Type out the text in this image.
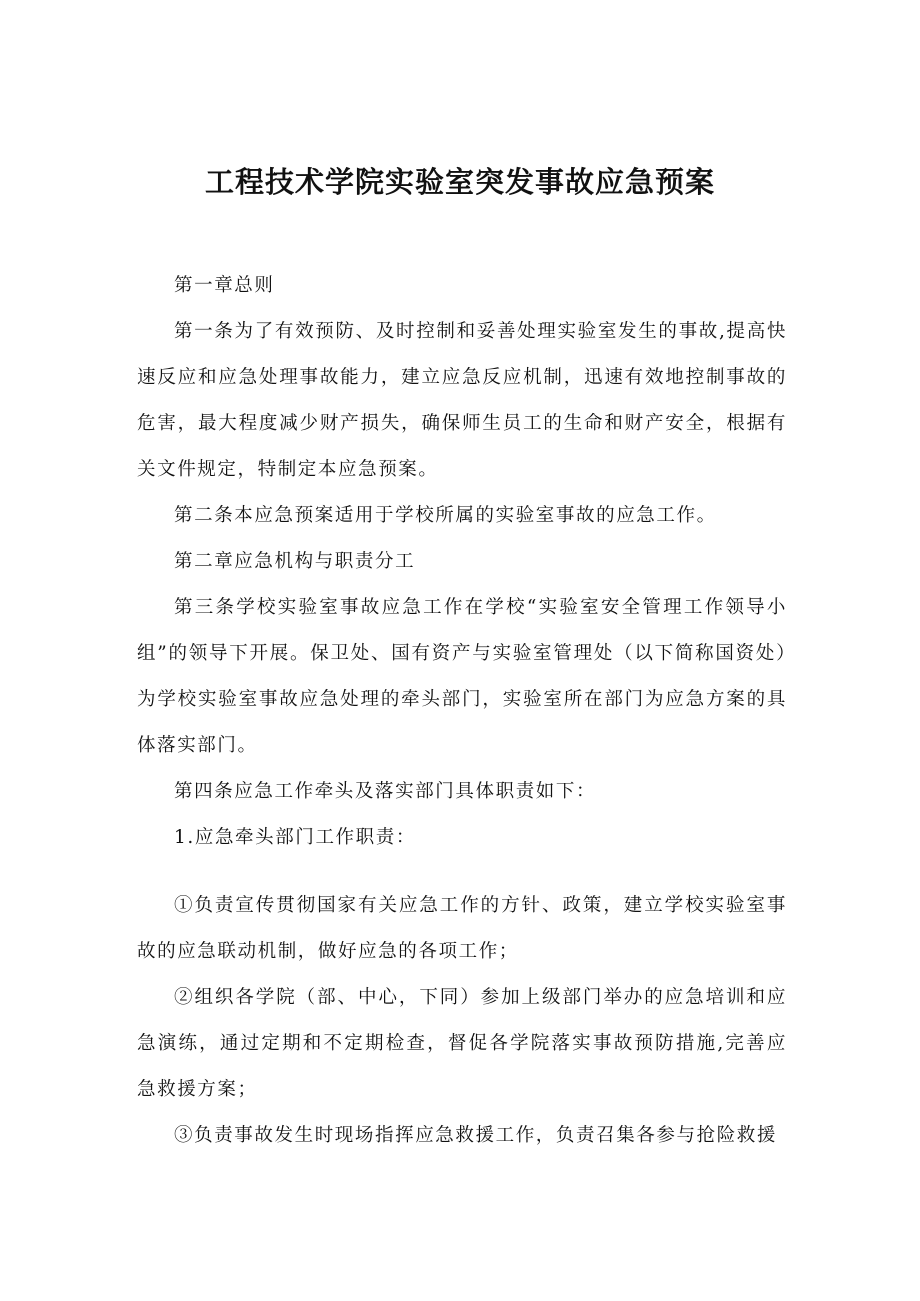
工程技术学院实验室突发事故应急预案

第一章总则

第一条为了有效预防、及时控制和妥善处理实验室发生的事故,提高快速反应和应急处理事故能力，建立应急反应机制，迅速有效地控制事故的危害，最大程度减少财产损失，确保师生员工的生命和财产安全，根据有关文件规定，特制定本应急预案。

第二条本应急预案适用于学校所属的实验室事故的应急工作。

第二章应急机构与职责分工

第三条学校实验室事故应急工作在学校“实验室安全管理工作领导小组”的领导下开展。保卫处、国有资产与实验室管理处（以下简称国资处）为学校实验室事故应急处理的牵头部门，实验室所在部门为应急方案的具体落实部门。

第四条应急工作牵头及落实部门具体职责如下：

1.应急牵头部门工作职责：

①负责宣传贯彻国家有关应急工作的方针、政策，建立学校实验室事故的应急联动机制，做好应急的各项工作；

②组织各学院（部、中心，下同）参加上级部门举办的应急培训和应急演练，通过定期和不定期检查，督促各学院落实事故预防措施,完善应急救援方案；

③负责事故发生时现场指挥应急救援工作，负责召集各参与抢险救援
